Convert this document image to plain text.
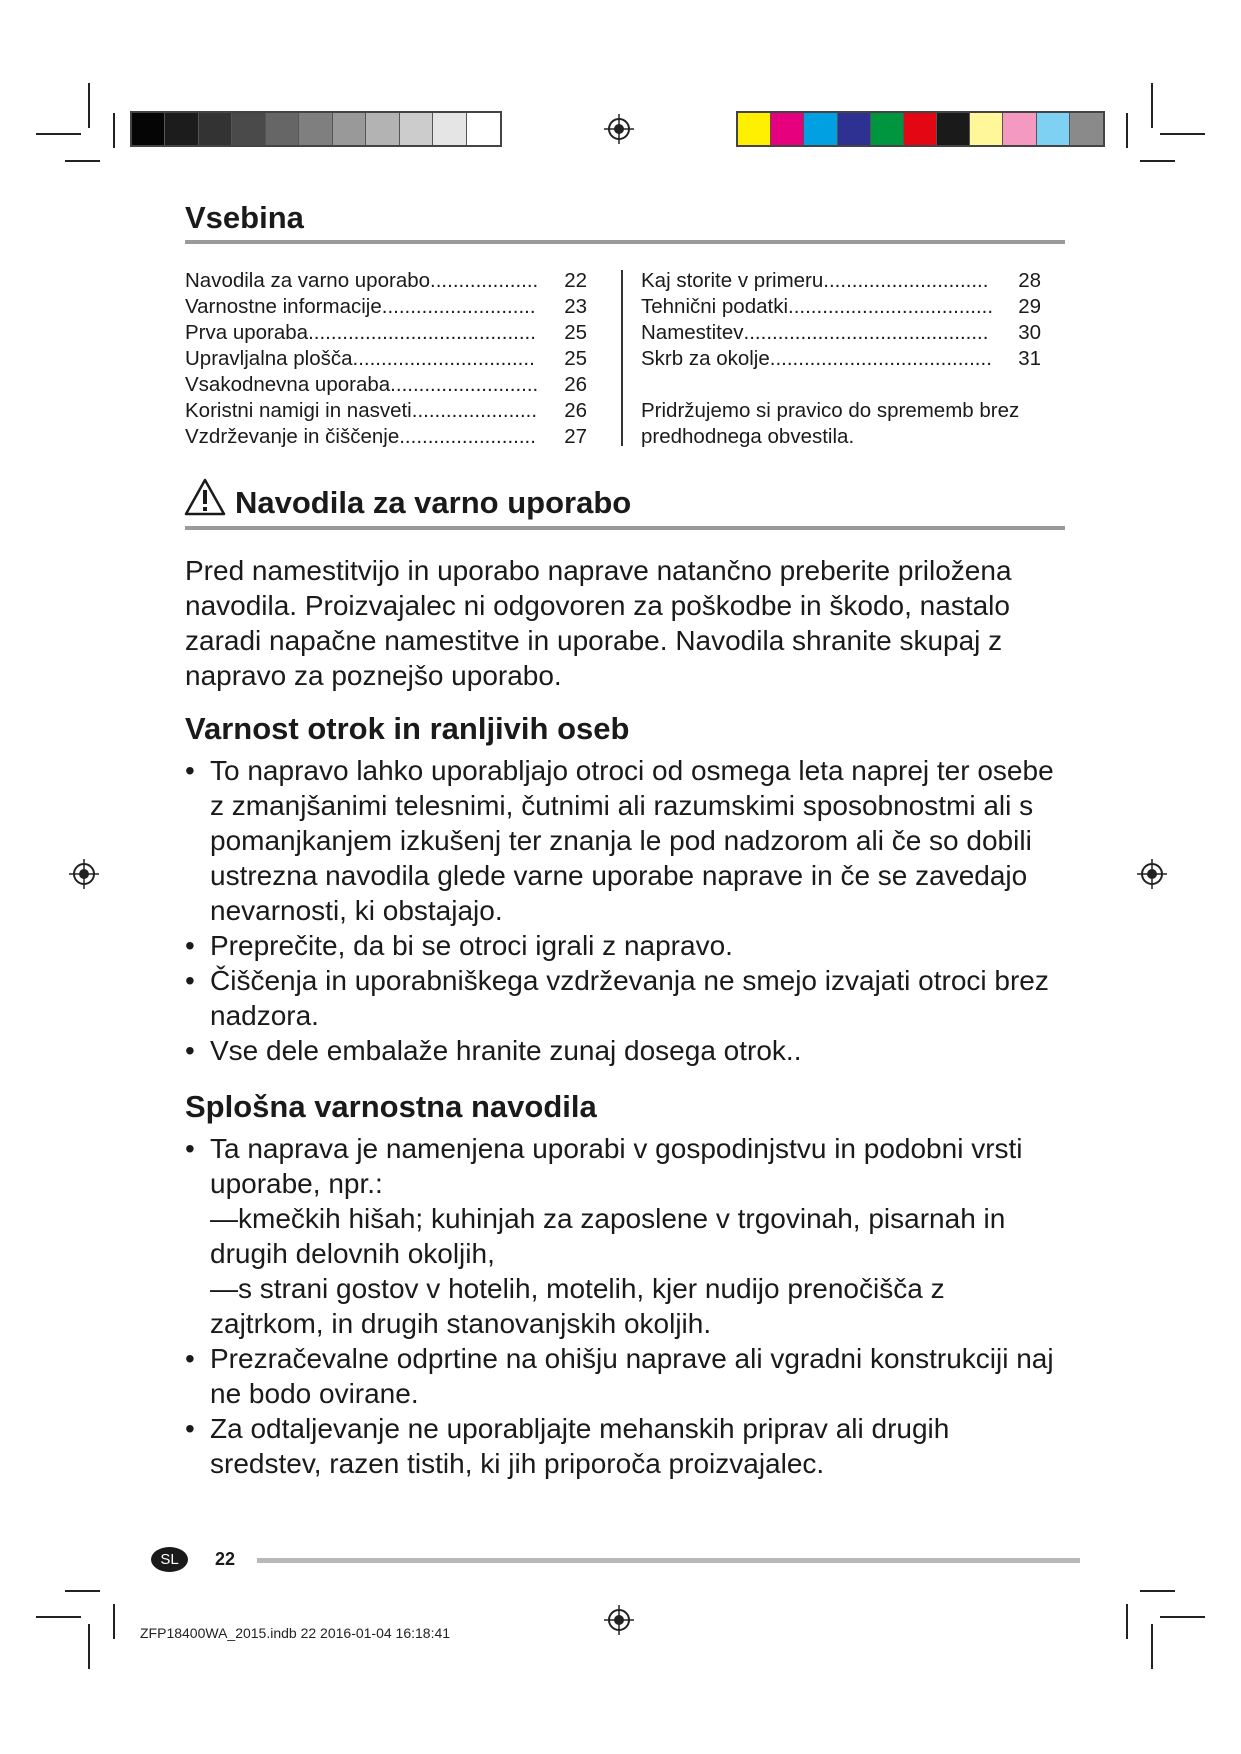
Vsebina
Navodila za varno uporabo ...................	22
Varnostne informacije ...........................	23
Prva uporaba ........................................	25
Upravljalna plošča ................................	25
Vsakodnevna uporaba ..........................	26
Koristni namigi in nasveti ......................	26
Vzdrževanje in čiščenje ........................	27
Kaj storite v primeru .............................	28
Tehnični podatki ....................................	29
Namestitev ...........................................	30
Skrb za okolje .......................................	31
Pridržujemo si pravico do sprememb brez
predhodnega obvestila.
Navodila za varno uporabo
Pred namestitvijo in uporabo naprave natančno preberite priložena navodila. Proizvajalec ni odgovoren za poškodbe in škodo, nastalo zaradi napačne namestitve in uporabe. Navodila shranite skupaj z napravo za poznejšo uporabo.
Varnost otrok in ranljivih oseb
• To napravo lahko uporabljajo otroci od osmega leta naprej ter osebe z zmanjšanimi telesnimi, čutnimi ali razumskimi sposobnostmi ali s pomanjkanjem izkušenj ter znanja le pod nadzorom ali če so dobili ustrezna navodila glede varne uporabe naprave in če se zavedajo nevarnosti, ki obstajajo.
• Preprečite, da bi se otroci igrali z napravo.
• Čiščenja in uporabniškega vzdrževanja ne smejo izvajati otroci brez nadzora.
• Vse dele embalaže hranite zunaj dosega otrok..
Splošna varnostna navodila
• Ta naprava je namenjena uporabi v gospodinjstvu in podobni vrsti uporabe, npr.:
—kmečkih hišah; kuhinjah za zaposlene v trgovinah, pisarnah in drugih delovnih okoljih,
—s strani gostov v hotelih, motelih, kjer nudijo prenočišča z zajtrkom, in drugih stanovanjskih okoljih.
• Prezračevalne odprtine na ohišju naprave ali vgradni konstrukciji naj ne bodo ovirane.
• Za odtaljevanje ne uporabljajte mehanskih priprav ali drugih sredstev, razen tistih, ki jih priporoča proizvajalec.
SL	22
ZFP18400WA_2015.indb 22 2016-01-04 16:18:41
